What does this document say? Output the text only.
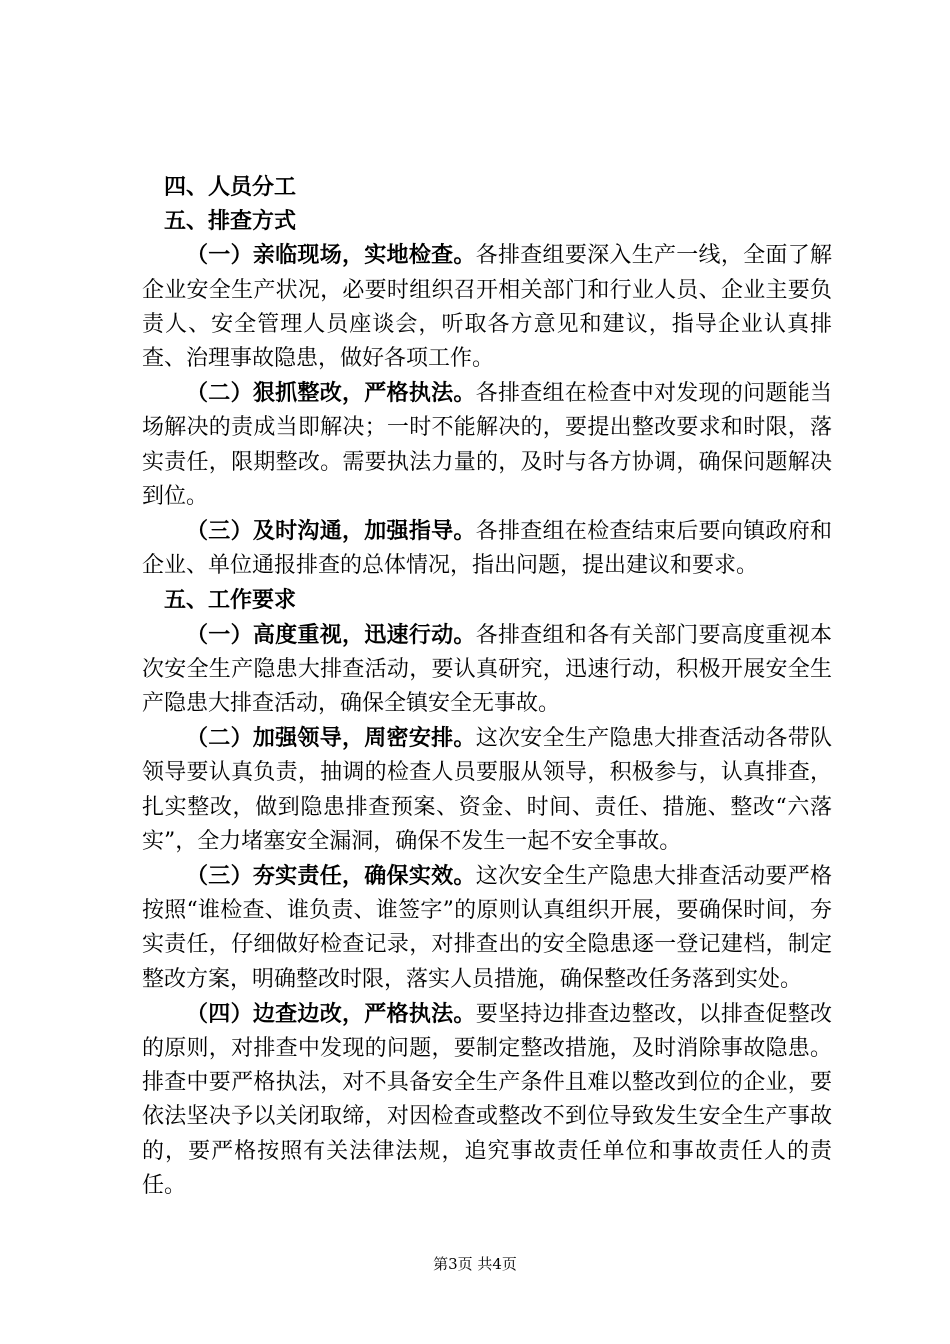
四、人员分工

五、排查方式

（一）亲临现场，实地检查。各排查组要深入生产一线，全面了解企业安全生产状况，必要时组织召开相关部门和行业人员、企业主要负责人、安全管理人员座谈会，听取各方意见和建议，指导企业认真排查、治理事故隐患，做好各项工作。

（二）狠抓整改，严格执法。各排查组在检查中对发现的问题能当场解决的责成当即解决；一时不能解决的，要提出整改要求和时限，落实责任，限期整改。需要执法力量的，及时与各方协调，确保问题解决到位。

（三）及时沟通，加强指导。各排查组在检查结束后要向镇政府和企业、单位通报排查的总体情况，指出问题，提出建议和要求。

五、工作要求

（一）高度重视，迅速行动。各排查组和各有关部门要高度重视本次安全生产隐患大排查活动，要认真研究，迅速行动，积极开展安全生产隐患大排查活动，确保全镇安全无事故。

（二）加强领导，周密安排。这次安全生产隐患大排查活动各带队领导要认真负责，抽调的检查人员要服从领导，积极参与，认真排查，扎实整改，做到隐患排查预案、资金、时间、责任、措施、整改“六落实”，全力堵塞安全漏洞，确保不发生一起不安全事故。

（三）夯实责任，确保实效。这次安全生产隐患大排查活动要严格按照“谁检查、谁负责、谁签字”的原则认真组织开展，要确保时间，夯实责任，仔细做好检查记录，对排查出的安全隐患逐一登记建档，制定整改方案，明确整改时限，落实人员措施，确保整改任务落到实处。

（四）边查边改，严格执法。要坚持边排查边整改，以排查促整改的原则，对排查中发现的问题，要制定整改措施，及时消除事故隐患。排查中要严格执法，对不具备安全生产条件且难以整改到位的企业，要依法坚决予以关闭取缔，对因检查或整改不到位导致发生安全生产事故的，要严格按照有关法律法规，追究事故责任单位和事故责任人的责任。

第3页 共4页
